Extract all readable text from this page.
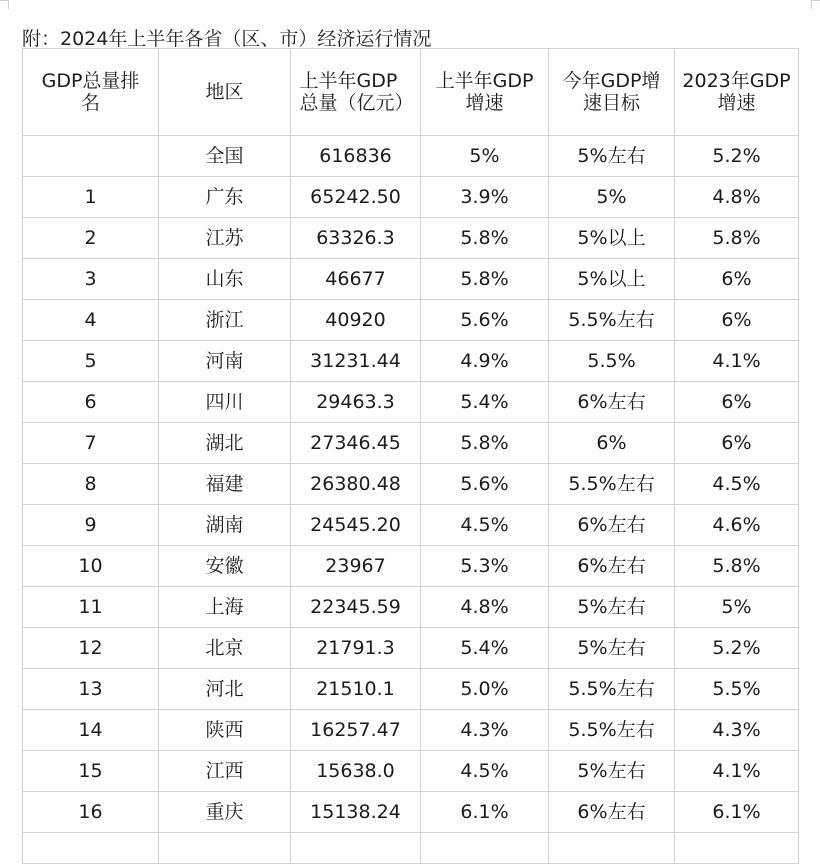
附：2024年上半年各省（区、市）经济运行情况
GDP总量排名	地区	上半年GDP总量（亿元）	上半年GDP增速	今年GDP增速目标	2023年GDP增速
	全国	616836	5%	5%左右	5.2%
1	广东	65242.50	3.9%	5%	4.8%
2	江苏	63326.3	5.8%	5%以上	5.8%
3	山东	46677	5.8%	5%以上	6%
4	浙江	40920	5.6%	5.5%左右	6%
5	河南	31231.44	4.9%	5.5%	4.1%
6	四川	29463.3	5.4%	6%左右	6%
7	湖北	27346.45	5.8%	6%	6%
8	福建	26380.48	5.6%	5.5%左右	4.5%
9	湖南	24545.20	4.5%	6%左右	4.6%
10	安徽	23967	5.3%	6%左右	5.8%
11	上海	22345.59	4.8%	5%左右	5%
12	北京	21791.3	5.4%	5%左右	5.2%
13	河北	21510.1	5.0%	5.5%左右	5.5%
14	陕西	16257.47	4.3%	5.5%左右	4.3%
15	江西	15638.0	4.5%	5%左右	4.1%
16	重庆	15138.24	6.1%	6%左右	6.1%
